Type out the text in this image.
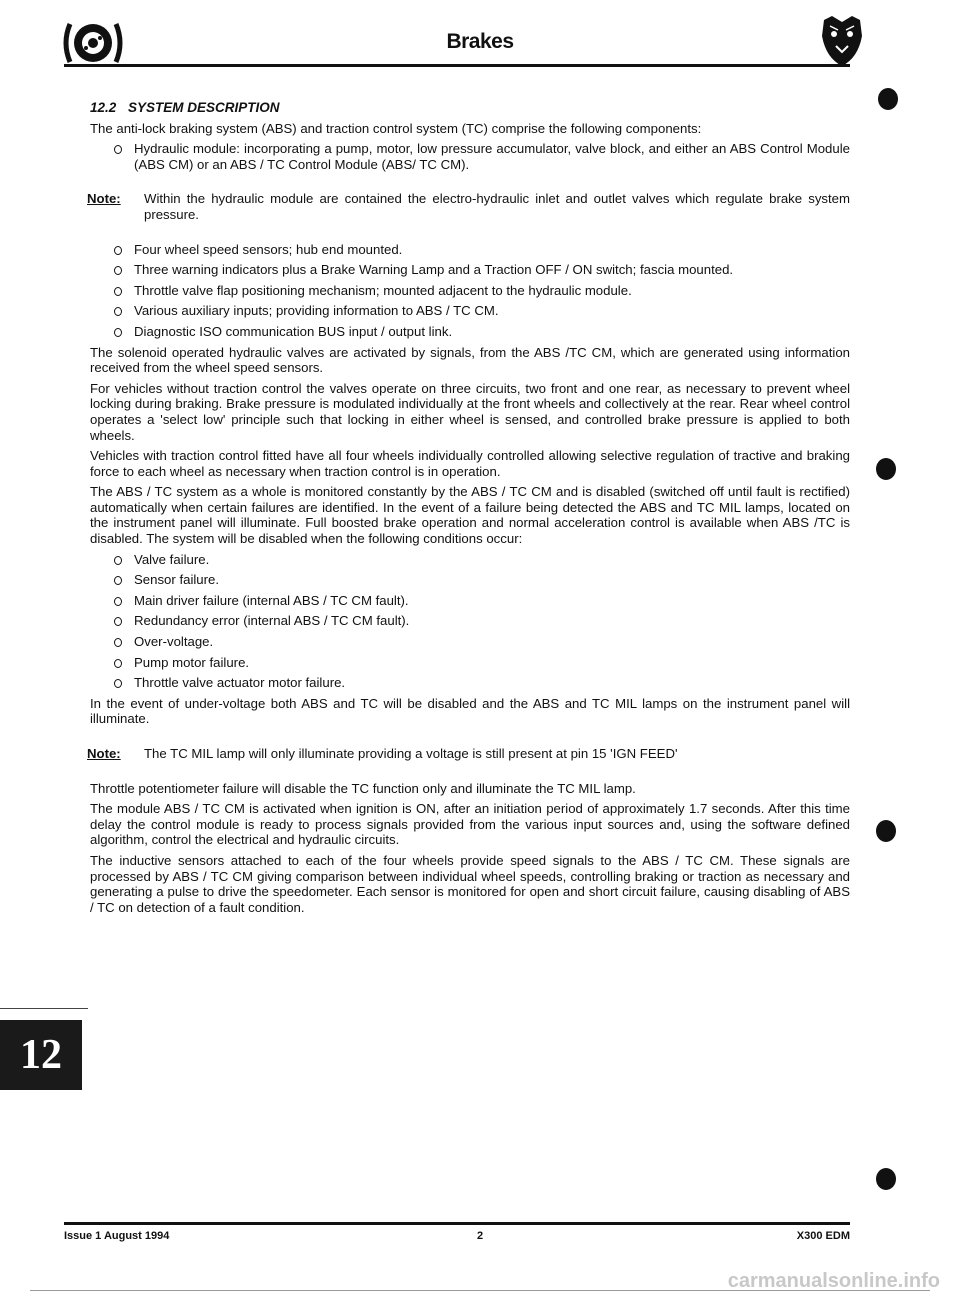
Brakes
12.2 SYSTEM DESCRIPTION

The anti-lock braking system (ABS) and traction control system (TC) comprise the following components:

Hydraulic module: incorporating a pump, motor, low pressure accumulator, valve block, and either an ABS Control Module (ABS CM) or an ABS / TC Control Module (ABS/ TC CM).
Note: Within the hydraulic module are contained the electro-hydraulic inlet and outlet valves which regulate brake system pressure.
Four wheel speed sensors; hub end mounted.
Three warning indicators plus a Brake Warning Lamp and a Traction OFF / ON switch; fascia mounted.
Throttle valve flap positioning mechanism; mounted adjacent to the hydraulic module.
Various auxiliary inputs; providing information to ABS / TC CM.
Diagnostic ISO communication BUS input / output link.

The solenoid operated hydraulic valves are activated by signals, from the ABS /TC CM, which are generated using information received from the wheel speed sensors.

For vehicles without traction control the valves operate on three circuits, two front and one rear, as necessary to prevent wheel locking during braking. Brake pressure is modulated individually at the front wheels and collectively at the rear. Rear wheel control operates a 'select low' principle such that locking in either wheel is sensed, and controlled brake pressure is applied to both wheels.

Vehicles with traction control fitted have all four wheels individually controlled allowing selective regulation of tractive and braking force to each wheel as necessary when traction control is in operation.

The ABS / TC system as a whole is monitored constantly by the ABS / TC CM and is disabled (switched off until fault is rectified) automatically when certain failures are identified. In the event of a failure being detected the ABS and TC MIL lamps, located on the instrument panel will illuminate. Full boosted brake operation and normal acceleration control is available when ABS /TC is disabled. The system will be disabled when the following conditions occur:

Valve failure.
Sensor failure.
Main driver failure (internal ABS / TC CM fault).
Redundancy error (internal ABS / TC CM fault).
Over-voltage.
Pump motor failure.
Throttle valve actuator motor failure.

In the event of under-voltage both ABS and TC will be disabled and the ABS and TC MIL lamps on the instrument panel will illuminate.

Note: The TC MIL lamp will only illuminate providing a voltage is still present at pin 15 'IGN FEED'

Throttle potentiometer failure will disable the TC function only and illuminate the TC MIL lamp.

The module ABS / TC CM is activated when ignition is ON, after an initiation period of approximately 1.7 seconds. After this time delay the control module is ready to process signals provided from the various input sources and, using the software defined algorithm, control the electrical and hydraulic circuits.

The inductive sensors attached to each of the four wheels provide speed signals to the ABS / TC CM. These signals are processed by ABS / TC CM giving comparison between individual wheel speeds, controlling braking or traction as necessary and generating a pulse to drive the speedometer. Each sensor is monitored for open and short circuit failure, causing disabling of ABS / TC on detection of a fault condition.

12
Issue 1 August 1994	2	X300 EDM
carmanualsonline.info
